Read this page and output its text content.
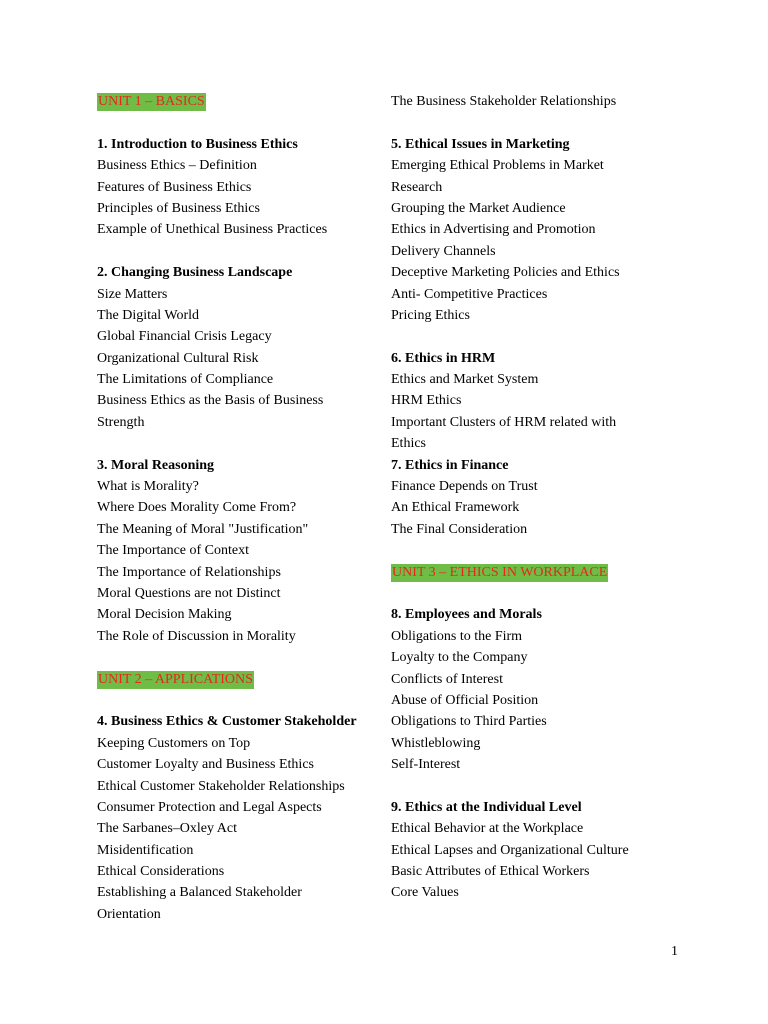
UNIT 1 – BASICS
1. Introduction to Business Ethics
Business Ethics – Definition
Features of Business Ethics
Principles of Business Ethics
Example of Unethical Business Practices
2. Changing Business Landscape
Size Matters
The Digital World
Global Financial Crisis Legacy
Organizational Cultural Risk
The Limitations of Compliance
Business Ethics as the Basis of Business
Strength
3. Moral Reasoning
What is Morality?
Where Does Morality Come From?
The Meaning of Moral "Justification"
The Importance of Context
The Importance of Relationships
Moral Questions are not Distinct
Moral Decision Making
The Role of Discussion in Morality
UNIT 2 – APPLICATIONS
4. Business Ethics & Customer Stakeholder
Keeping Customers on Top
Customer Loyalty and Business Ethics
Ethical Customer Stakeholder Relationships
Consumer Protection and Legal Aspects
The Sarbanes–Oxley Act
Misidentification
Ethical Considerations
Establishing a Balanced Stakeholder
Orientation
The Business Stakeholder Relationships
5. Ethical Issues in Marketing
Emerging Ethical Problems in Market
Research
Grouping the Market Audience
Ethics in Advertising and Promotion
Delivery Channels
Deceptive Marketing Policies and Ethics
Anti- Competitive Practices
Pricing Ethics
6. Ethics in HRM
Ethics and Market System
HRM Ethics
Important Clusters of HRM related with
Ethics
7. Ethics in Finance
Finance Depends on Trust
An Ethical Framework
The Final Consideration
UNIT 3 – ETHICS IN WORKPLACE
8. Employees and Morals
Obligations to the Firm
Loyalty to the Company
Conflicts of Interest
Abuse of Official Position
Obligations to Third Parties
Whistleblowing
Self-Interest
9. Ethics at the Individual Level
Ethical Behavior at the Workplace
Ethical Lapses and Organizational Culture
Basic Attributes of Ethical Workers
Core Values
1
